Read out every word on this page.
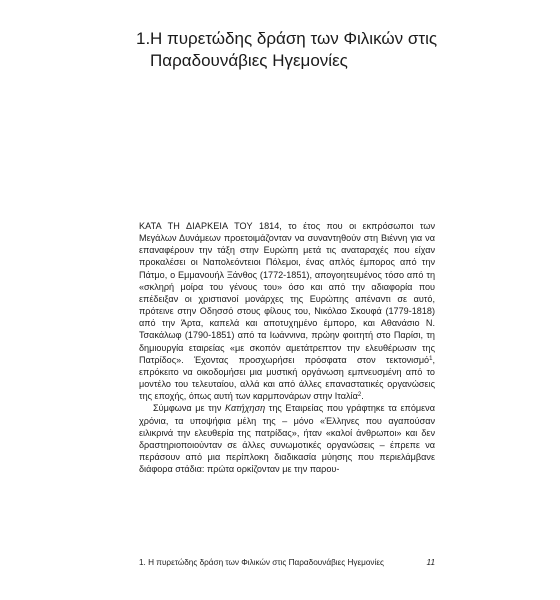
1.Η πυρετώδης δράση των Φιλικών στις
Παραδουνάβιες Ηγεμονίες

ΚΑΤΑ ΤΗ ΔΙΑΡΚΕΙΑ ΤΟΥ 1814, το έτος που οι εκπρόσωποι των Μεγάλων Δυνάμεων προετοιμάζονταν να συναντηθούν στη Βιέννη για να επαναφέρουν την τάξη στην Ευρώπη μετά τις αναταραχές που είχαν προκαλέσει οι Ναπολεόντειοι Πόλεμοι, ένας απλός έμπορος από την Πάτμο, ο Εμμανουήλ Ξάνθος (1772-1851), απογοητευμένος τόσο από τη «σκληρή μοίρα του γένους του» όσο και από την αδιαφορία που επέδειξαν οι χριστιανοί μονάρχες της Ευρώπης απέναντι σε αυτό, πρότεινε στην Οδησσό στους φίλους του, Νικόλαο Σκουφά (1779-1818) από την Άρτα, καπελά και αποτυχημένο έμπορο, και Αθανάσιο Ν. Τσακάλωφ (1790-1851) από τα Ιωάννινα, πρώην φοιτητή στο Παρίσι, τη δημιουργία εταιρείας «με σκοπόν αμετάτρεπτον την ελευθέρωσιν της Πατρίδος». Έχοντας προσχωρήσει πρόσφατα στον τεκτονισμό$^1$, επρόκειτο να οικοδομήσει μια μυστική οργάνωση εμπνευσμένη από το μοντέλο του τελευταίου, αλλά και από άλλες επαναστατικές οργανώσεις της εποχής, όπως αυτή των καρμπονάρων στην Ιταλία$^2$.

Σύμφωνα με την Κατήχηση της Εταιρείας που γράφτηκε τα επόμενα χρόνια, τα υποψήφια μέλη της – μόνο «Έλληνες που αγαπούσαν ειλικρινά την ελευθερία της πατρίδας», ήταν «καλοί άνθρωποι» και δεν δραστηριοποιούνταν σε άλλες συνωμοτικές οργανώσεις – έπρεπε να περάσουν από μια περίπλοκη διαδικασία μύησης που περιελάμβανε διάφορα στάδια: πρώτα ορκίζονταν με την παρου-

1. Η πυρετώδης δράση των Φιλικών στις Παραδουνάβιες Ηγεμονίες	11
